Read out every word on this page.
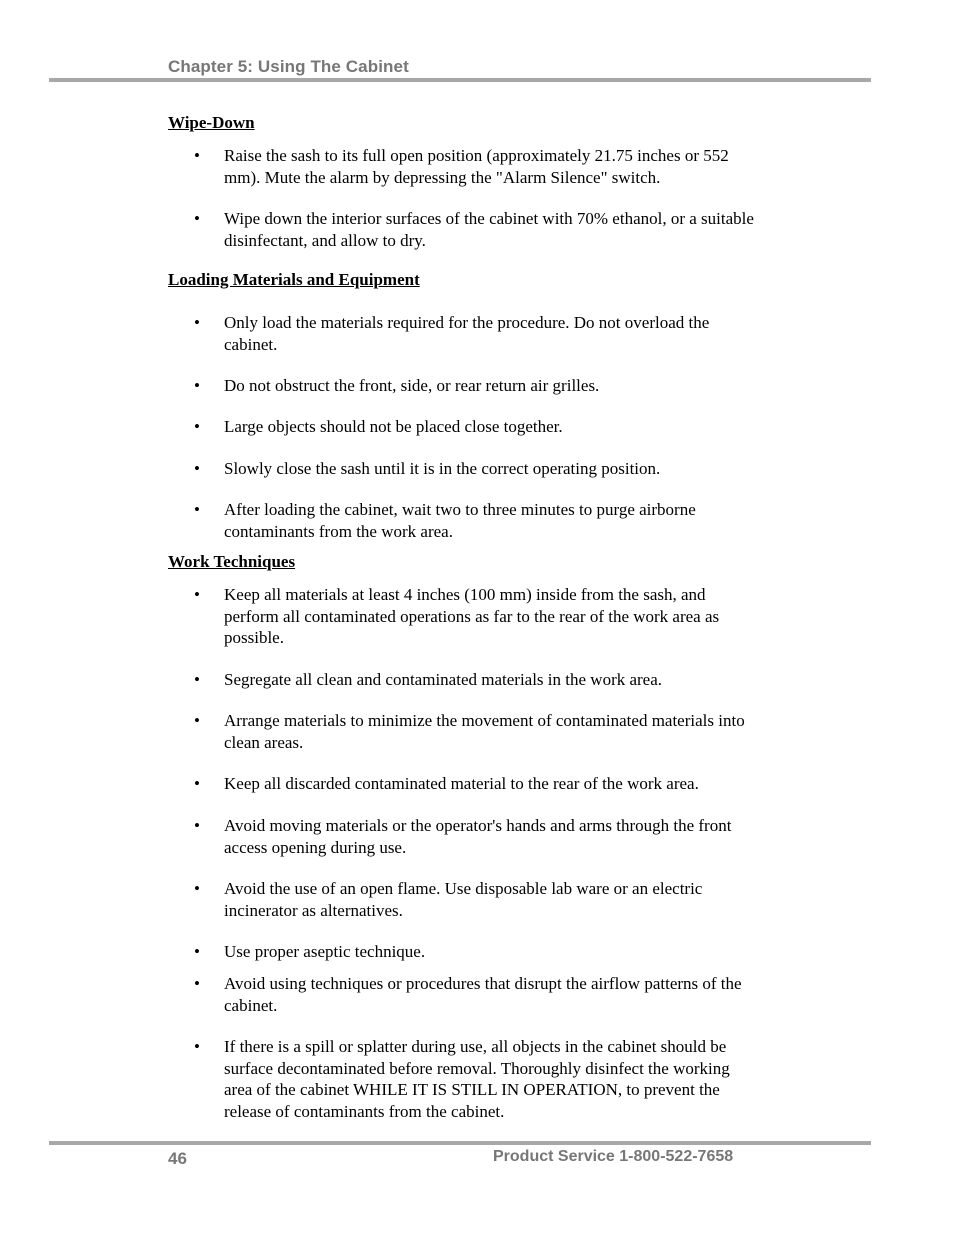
Chapter 5: Using The Cabinet
Wipe-Down
•	Raise the sash to its full open position (approximately 21.75 inches or 552 mm). Mute the alarm by depressing the "Alarm Silence" switch.
•	Wipe down the interior surfaces of the cabinet with 70% ethanol, or a suitable disinfectant, and allow to dry.
Loading Materials and Equipment
•	Only load the materials required for the procedure. Do not overload the cabinet.
•	Do not obstruct the front, side, or rear return air grilles.
•	Large objects should not be placed close together.
•	Slowly close the sash until it is in the correct operating position.
•	After loading the cabinet, wait two to three minutes to purge airborne contaminants from the work area.
Work Techniques
•	Keep all materials at least 4 inches (100 mm) inside from the sash, and perform all contaminated operations as far to the rear of the work area as possible.
•	Segregate all clean and contaminated materials in the work area.
•	Arrange materials to minimize the movement of contaminated materials into clean areas.
•	Keep all discarded contaminated material to the rear of the work area.
•	Avoid moving materials or the operator's hands and arms through the front access opening during use.
•	Avoid the use of an open flame. Use disposable lab ware or an electric incinerator as alternatives.
•	Use proper aseptic technique.
•	Avoid using techniques or procedures that disrupt the airflow patterns of the cabinet.
•	If there is a spill or splatter during use, all objects in the cabinet should be surface decontaminated before removal. Thoroughly disinfect the working area of the cabinet WHILE IT IS STILL IN OPERATION, to prevent the release of contaminants from the cabinet.
46	Product Service 1-800-522-7658
